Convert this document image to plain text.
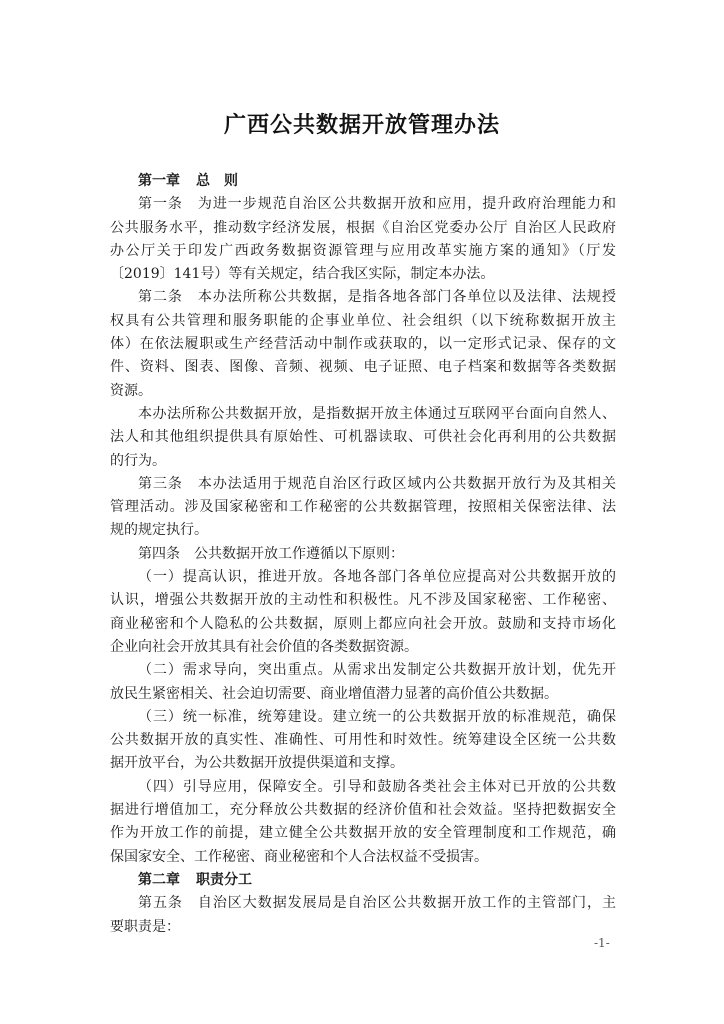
广西公共数据开放管理办法
第一章 总　则
第一条　为进一步规范自治区公共数据开放和应用，提升政府治理能力和
公共服务水平，推动数字经济发展，根据《自治区党委办公厅 自治区人民政府
办公厅关于印发广西政务数据资源管理与应用改革实施方案的通知》（厅发
〔2019〕141号）等有关规定，结合我区实际，制定本办法。
第二条　本办法所称公共数据，是指各地各部门各单位以及法律、法规授
权具有公共管理和服务职能的企事业单位、社会组织（以下统称数据开放主
体）在依法履职或生产经营活动中制作或获取的，以一定形式记录、保存的文
件、资料、图表、图像、音频、视频、电子证照、电子档案和数据等各类数据
资源。
本办法所称公共数据开放，是指数据开放主体通过互联网平台面向自然人、
法人和其他组织提供具有原始性、可机器读取、可供社会化再利用的公共数据
的行为。
第三条　本办法适用于规范自治区行政区域内公共数据开放行为及其相关
管理活动。涉及国家秘密和工作秘密的公共数据管理，按照相关保密法律、法
规的规定执行。
第四条　公共数据开放工作遵循以下原则：
（一）提高认识，推进开放。各地各部门各单位应提高对公共数据开放的
认识，增强公共数据开放的主动性和积极性。凡不涉及国家秘密、工作秘密、
商业秘密和个人隐私的公共数据，原则上都应向社会开放。鼓励和支持市场化
企业向社会开放其具有社会价值的各类数据资源。
（二）需求导向，突出重点。从需求出发制定公共数据开放计划，优先开
放民生紧密相关、社会迫切需要、商业增值潜力显著的高价值公共数据。
（三）统一标准，统筹建设。建立统一的公共数据开放的标准规范，确保
公共数据开放的真实性、准确性、可用性和时效性。统筹建设全区统一公共数
据开放平台，为公共数据开放提供渠道和支撑。
（四）引导应用，保障安全。引导和鼓励各类社会主体对已开放的公共数
据进行增值加工，充分释放公共数据的经济价值和社会效益。坚持把数据安全
作为开放工作的前提，建立健全公共数据开放的安全管理制度和工作规范，确
保国家安全、工作秘密、商业秘密和个人合法权益不受损害。
第二章 职责分工
第五条　自治区大数据发展局是自治区公共数据开放工作的主管部门，主
要职责是：
-1-
